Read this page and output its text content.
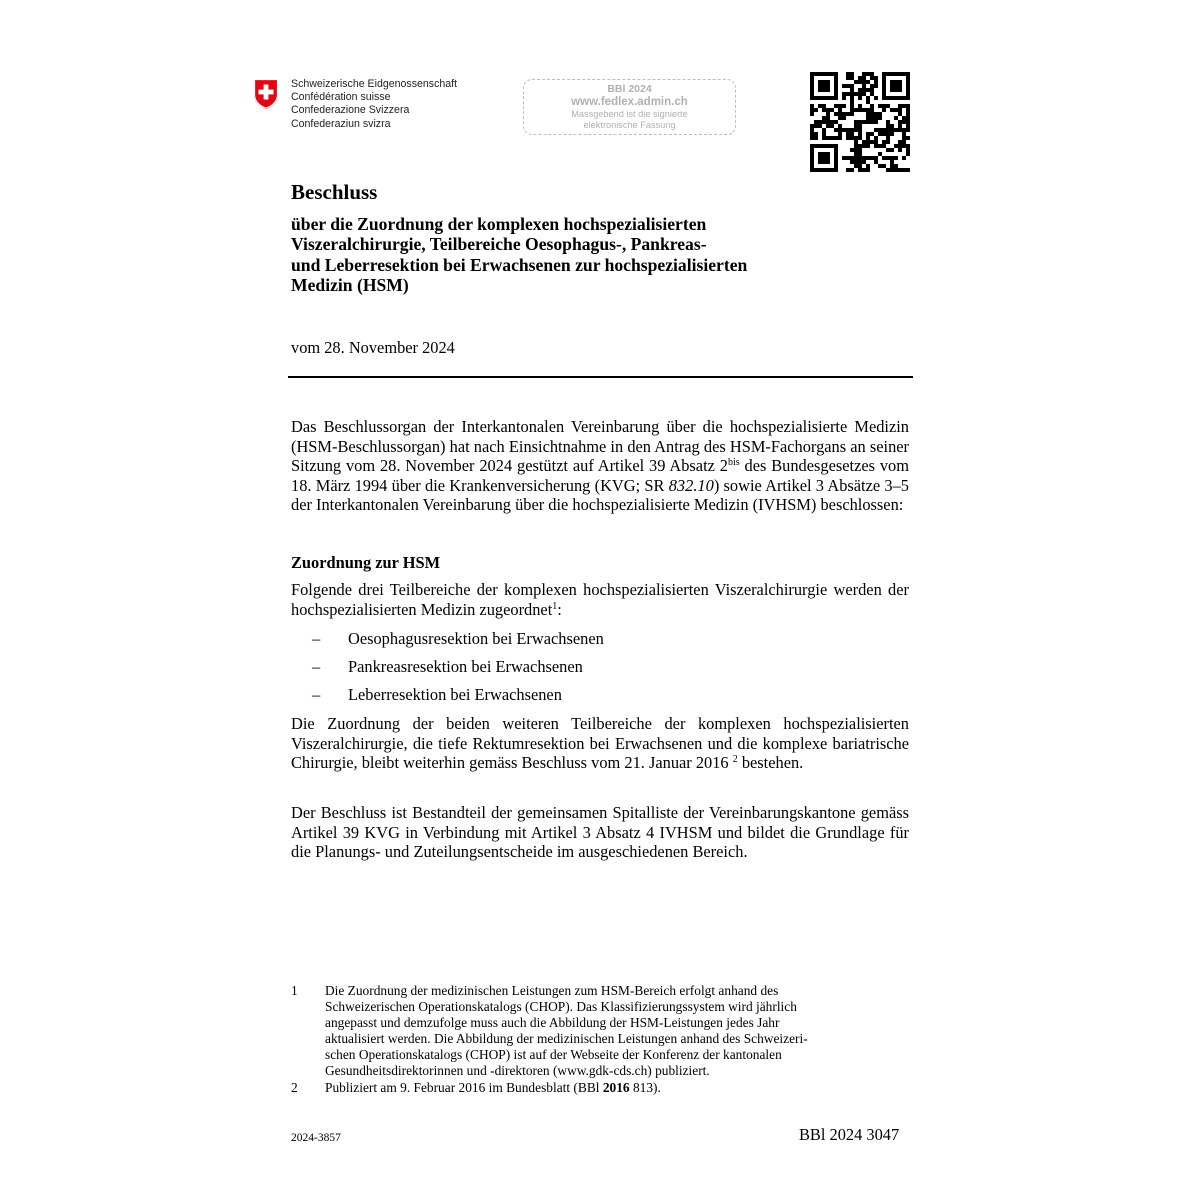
Schweizerische Eidgenossenschaft
Confédération suisse
Confederazione Svizzera
Confederaziun svizra
BBl 2024
www.fedlex.admin.ch
Massgebend ist die signierte
elektronische Fassung
Beschluss
über die Zuordnung der komplexen hochspezialisierten
Viszeralchirurgie, Teilbereiche Oesophagus-, Pankreas-
und Leberresektion bei Erwachsenen zur hochspezialisierten
Medizin (HSM)
vom 28. November 2024
Das Beschlussorgan der Interkantonalen Vereinbarung über die hochspezialisierte Medizin (HSM-Beschlussorgan) hat nach Einsichtnahme in den Antrag des HSM-Fachorgans an seiner Sitzung vom 28. November 2024 gestützt auf Artikel 39 Absatz $2^{bis}$ des Bundesgesetzes vom 18. März 1994 über die Krankenversicherung (KVG; SR 832.10) sowie Artikel 3 Absätze 3–5 der Interkantonalen Vereinbarung über die hochspezialisierte Medizin (IVHSM) beschlossen:
Zuordnung zur HSM
Folgende drei Teilbereiche der komplexen hochspezialisierten Viszeralchirurgie werden der hochspezialisierten Medizin zugeordnet$^1$:
– Oesophagusresektion bei Erwachsenen
– Pankreasresektion bei Erwachsenen
– Leberresektion bei Erwachsenen
Die Zuordnung der beiden weiteren Teilbereiche der komplexen hochspezialisierten Viszeralchirurgie, die tiefe Rektumresektion bei Erwachsenen und die komplexe bariatrische Chirurgie, bleibt weiterhin gemäss Beschluss vom 21. Januar 2016 $^2$ bestehen.
Der Beschluss ist Bestandteil der gemeinsamen Spitalliste der Vereinbarungskantone gemäss Artikel 39 KVG in Verbindung mit Artikel 3 Absatz 4 IVHSM und bildet die Grundlage für die Planungs- und Zuteilungsentscheide im ausgeschiedenen Bereich.
1 Die Zuordnung der medizinischen Leistungen zum HSM-Bereich erfolgt anhand des
Schweizerischen Operationskatalogs (CHOP). Das Klassifizierungssystem wird jährlich
angepasst und demzufolge muss auch die Abbildung der HSM-Leistungen jedes Jahr
aktualisiert werden. Die Abbildung der medizinischen Leistungen anhand des Schweizeri-
schen Operationskatalogs (CHOP) ist auf der Webseite der Konferenz der kantonalen
Gesundheitsdirektorinnen und -direktoren (www.gdk-cds.ch) publiziert.
2 Publiziert am 9. Februar 2016 im Bundesblatt (BBl 2016 813).
2024-3857	BBl 2024 3047
